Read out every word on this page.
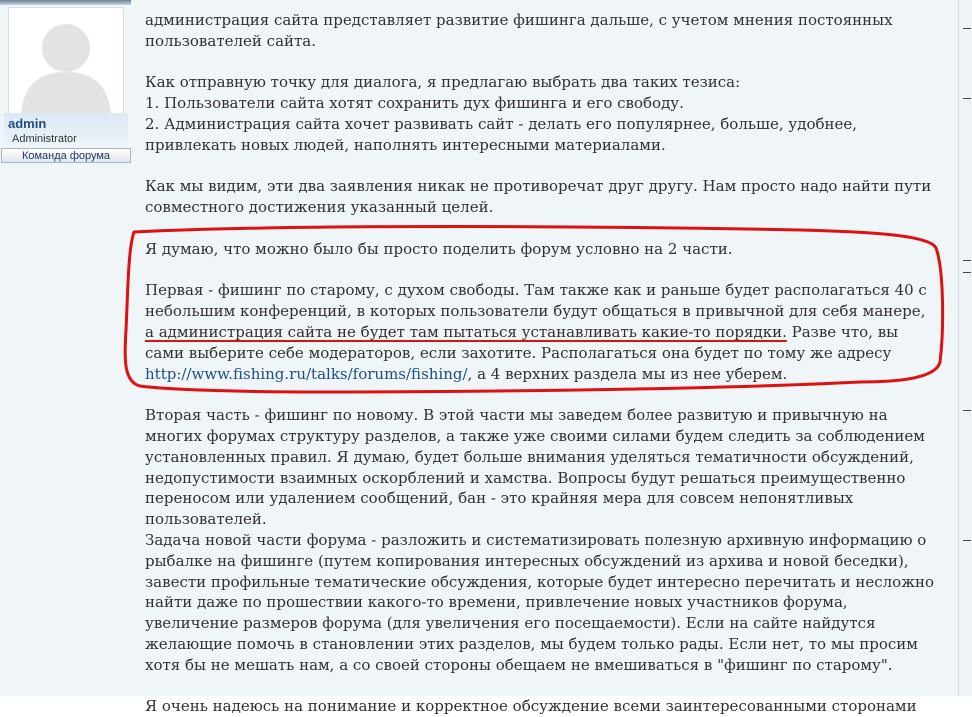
admin
Administrator
Команда форума

администрация сайта представляет развитие фишинга дальше, с учетом мнения постоянных пользователей сайта.

Как отправную точку для диалога, я предлагаю выбрать два таких тезиса:

1. Пользователи сайта хотят сохранить дух фишинга и его свободу.

2. Администрация сайта хочет развивать сайт - делать его популярнее, больше, удобнее, привлекать новых людей, наполнять интересными материалами.

Как мы видим, эти два заявления никак не противоречат друг другу. Нам просто надо найти пути совместного достижения указанный целей.

Я думаю, что можно было бы просто поделить форум условно на 2 части.

Первая - фишинг по старому, с духом свободы. Там также как и раньше будет располагаться 40 с небольшим конференций, в которых пользователи будут общаться в привычной для себя манере, а администрация сайта не будет там пытаться устанавливать какие-то порядки. Разве что, вы сами выберите себе модераторов, если захотите. Располагаться она будет по тому же адресу http://www.fishing.ru/talks/forums/fishing/, а 4 верхних раздела мы из нее уберем.

Вторая часть - фишинг по новому. В этой части мы заведем более развитую и привычную на многих форумах структуру разделов, а также уже своими силами будем следить за соблюдением установленных правил. Я думаю, будет больше внимания уделяться тематичности обсуждений, недопустимости взаимных оскорблений и хамства. Вопросы будут решаться преимущественно переносом или удалением сообщений, бан - это крайняя мера для совсем непонятливых пользователей.

Задача новой части форума - разложить и систематизировать полезную архивную информацию о рыбалке на фишинге (путем копирования интересных обсуждений из архива и новой беседки), завести профильные тематические обсуждения, которые будет интересно перечитать и несложно найти даже по прошествии какого-то времени, привлечение новых участников форума, увеличение размеров форума (для увеличения его посещаемости). Если на сайте найдутся желающие помочь в становлении этих разделов, мы будем только рады. Если нет, то мы просим хотя бы не мешать нам, а со своей стороны обещаем не вмешиваться в "фишинг по старому".

Я очень надеюсь на понимание и корректное обсуждение всеми заинтересованными сторонами
